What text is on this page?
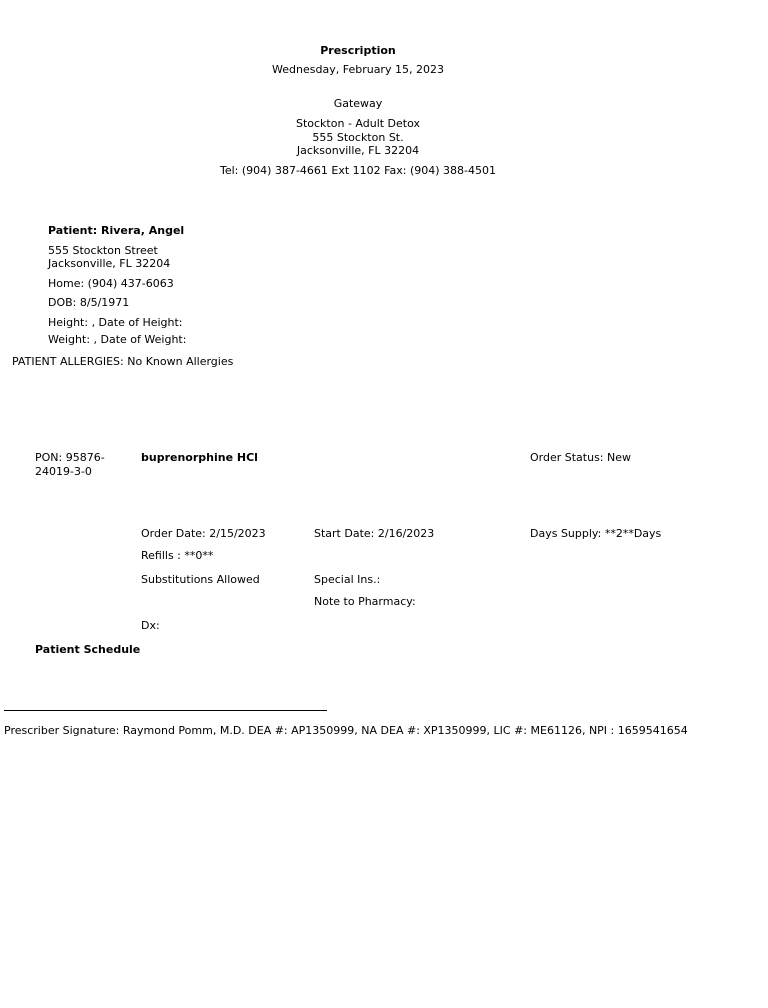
Prescription
Wednesday, February 15, 2023
Gateway
Stockton - Adult Detox
555 Stockton St.
Jacksonville, FL 32204
Tel: (904) 387-4661 Ext 1102 Fax: (904) 388-4501
Patient: Rivera, Angel
555 Stockton Street
Jacksonville, FL 32204
Home: (904) 437-6063
DOB: 8/5/1971
Height: , Date of Height:
Weight: , Date of Weight:
PATIENT ALLERGIES: No Known Allergies
PON: 95876-24019-3-0
buprenorphine HCl	Order Status: New
Order Date: 2/15/2023	Start Date: 2/16/2023	Days Supply: **2**Days
Refills : **0**
Substitutions Allowed	Special Ins.:
Note to Pharmacy:
Dx:
Patient Schedule
Prescriber Signature: Raymond Pomm, M.D. DEA #: AP1350999, NA DEA #: XP1350999, LIC #: ME61126, NPI : 1659541654
